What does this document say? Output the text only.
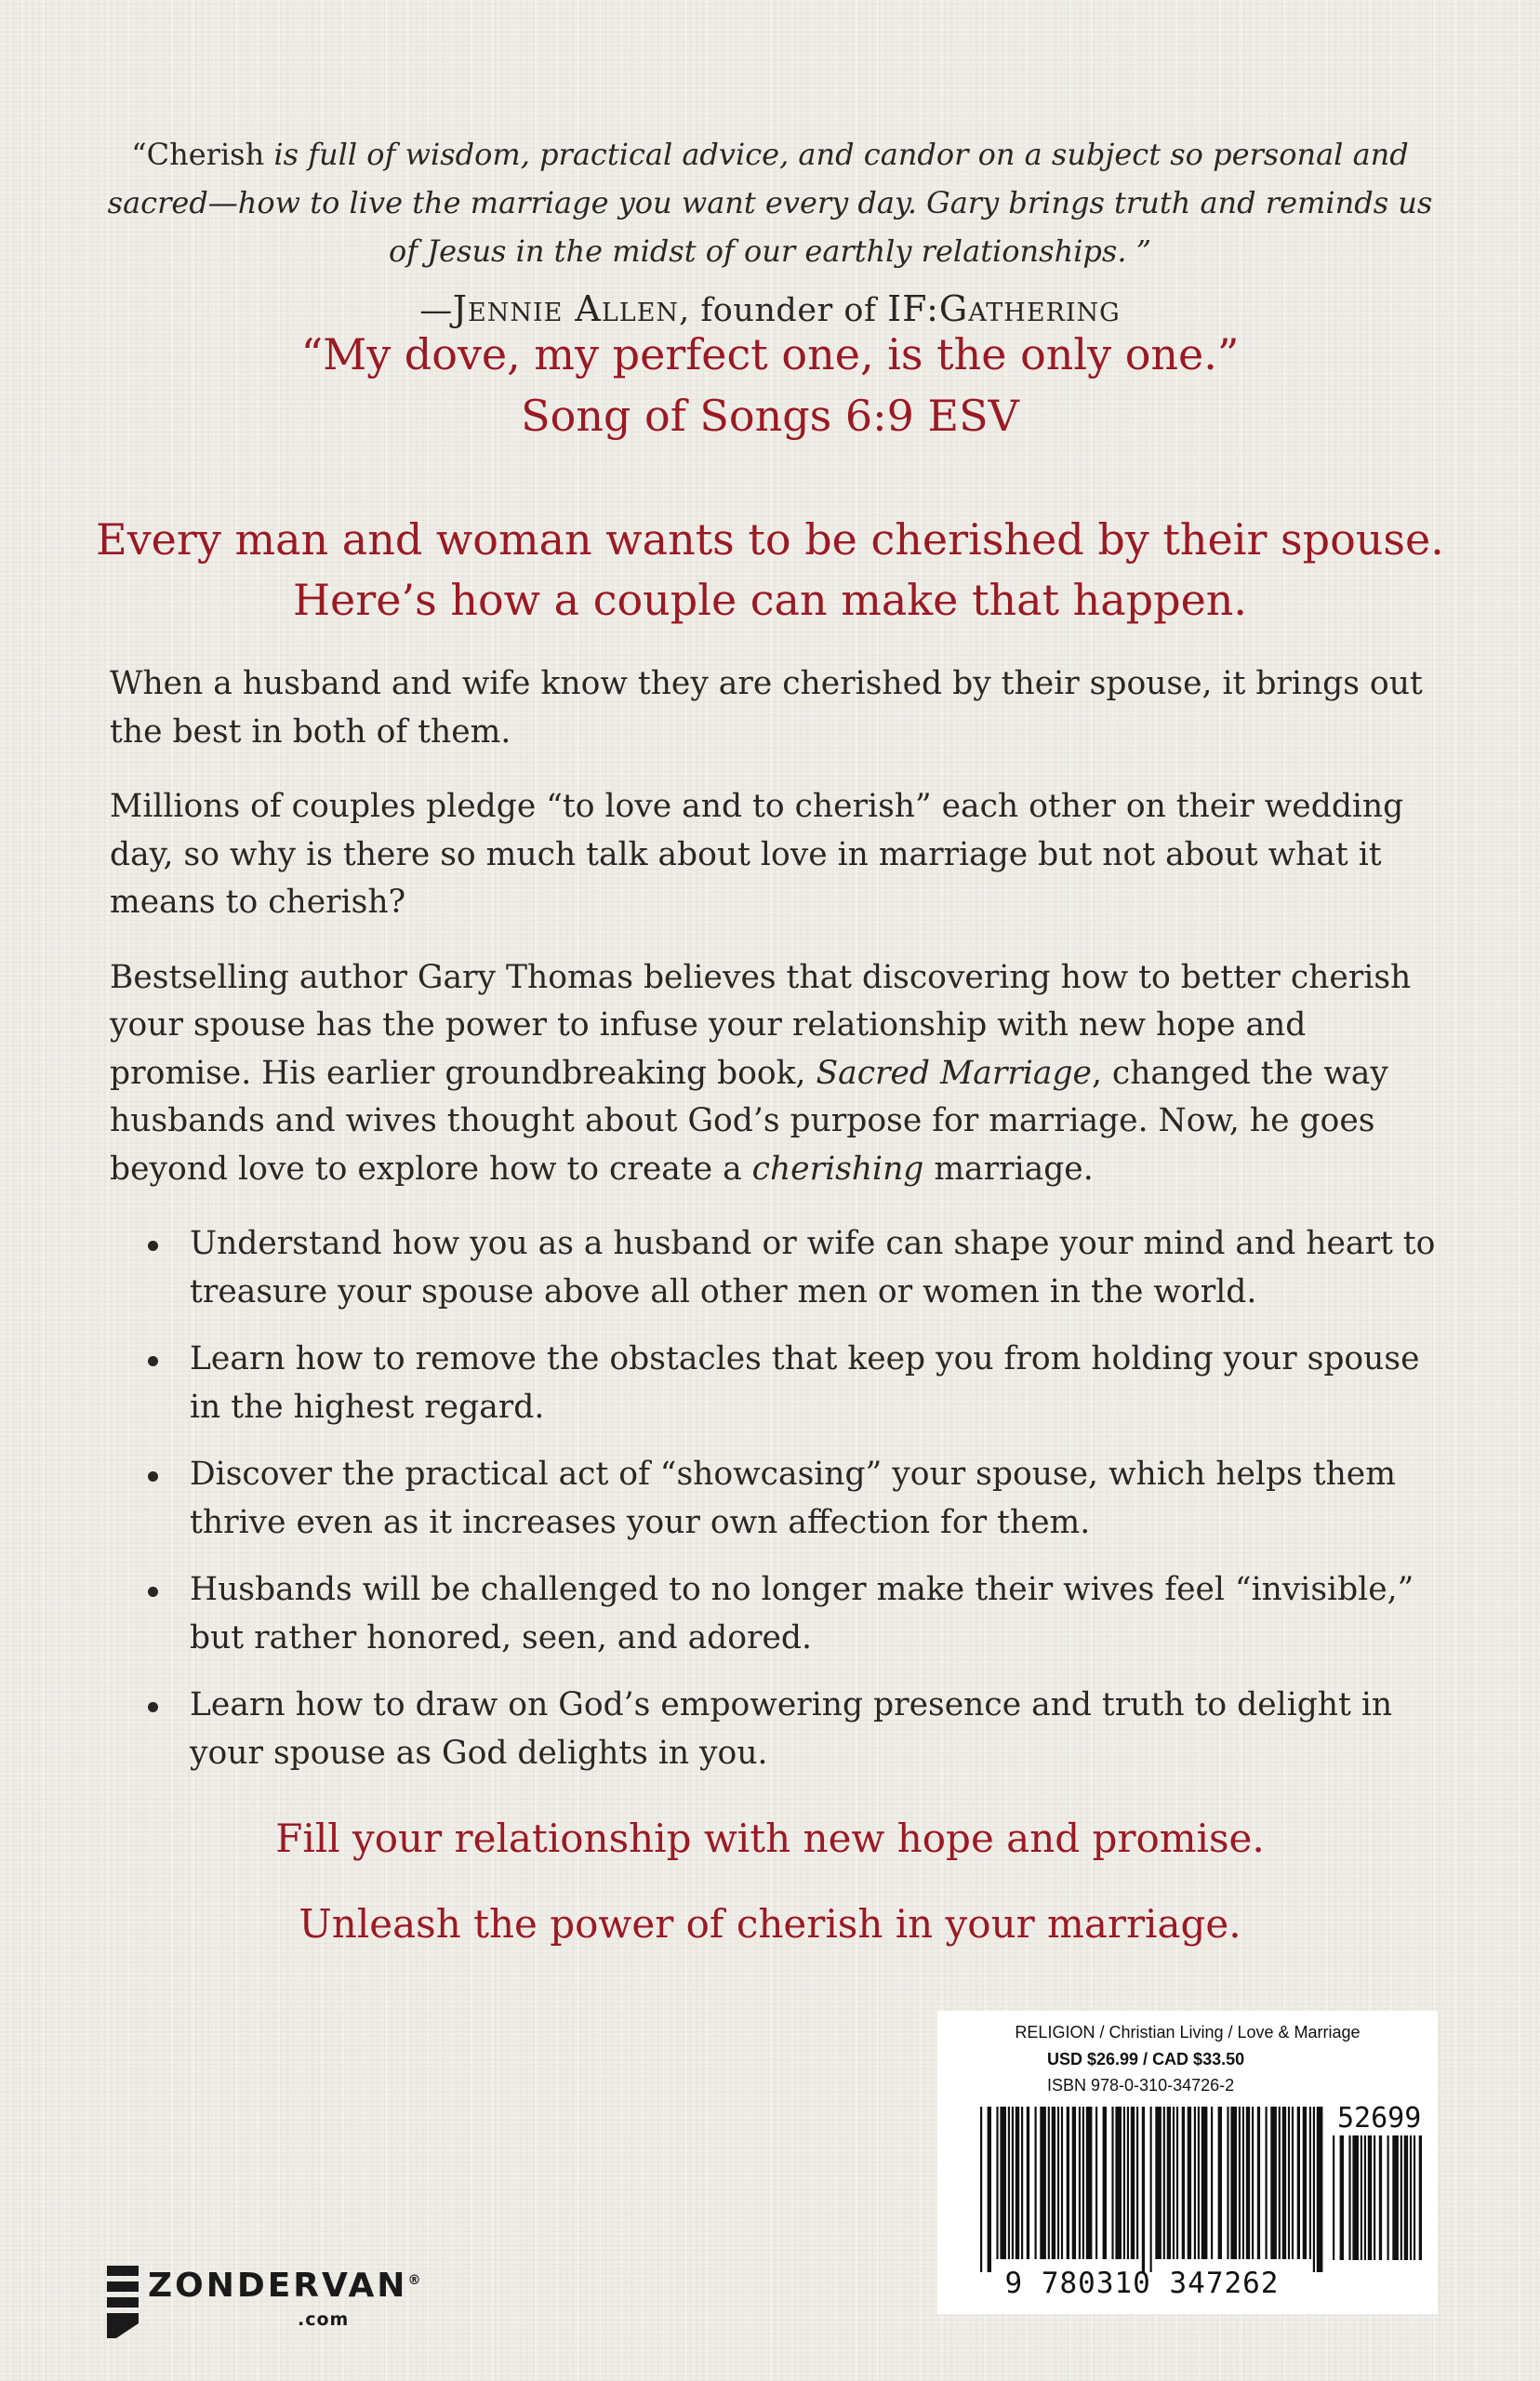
“Cherish is full of wisdom, practical advice, and candor on a subject so personal and sacred—how to live the marriage you want every day. Gary brings truth and reminds us of Jesus in the midst of our earthly relationships. ”

—Jennie Allen, founder of IF:Gathering
“My dove, my perfect one, is the only one.”
Song of Songs 6:9 ESV
Every man and woman wants to be cherished by their spouse.
Here’s how a couple can make that happen.

When a husband and wife know they are cherished by their spouse, it brings out the best in both of them.

Millions of couples pledge “to love and to cherish” each other on their wedding day, so why is there so much talk about love in marriage but not about what it means to cherish?

Bestselling author Gary Thomas believes that discovering how to better cherish your spouse has the power to infuse your relationship with new hope and promise. His earlier groundbreaking book, Sacred Marriage, changed the way husbands and wives thought about God’s purpose for marriage. Now, he goes beyond love to explore how to create a cherishing marriage.

Understand how you as a husband or wife can shape your mind and heart to treasure your spouse above all other men or women in the world.
Learn how to remove the obstacles that keep you from holding your spouse in the highest regard.
Discover the practical act of “showcasing” your spouse, which helps them thrive even as it increases your own affection for them.
Husbands will be challenged to no longer make their wives feel “invisible,” but rather honored, seen, and adored.
Learn how to draw on God’s empowering presence and truth to delight in your spouse as God delights in you.
Fill your relationship with new hope and promise.
Unleash the power of cherish in your marriage.
ZONDERVAN®
.com
RELIGION / Christian Living / Love & Marriage
USD $26.99 / CAD $33.50
ISBN 978-0-310-34726-2
52699
9 780310 347262
